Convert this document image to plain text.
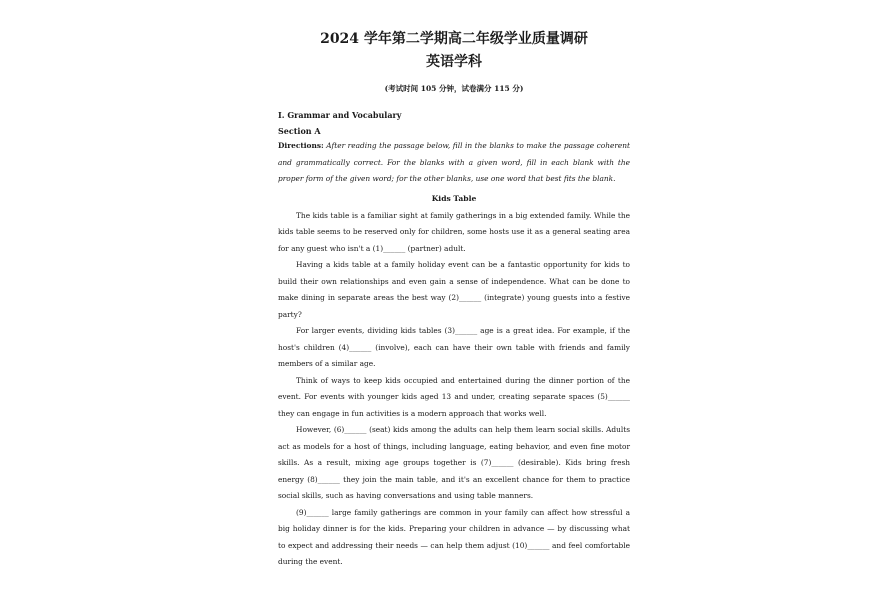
2024 学年第二学期高二年级学业质量调研

英语学科

(考试时间 105 分钟，试卷满分 115 分)

I. Grammar and Vocabulary

Section A

Directions: After reading the passage below, fill in the blanks to make the passage coherent and grammatically correct. For the blanks with a given word, fill in each blank with the proper form of the given word; for the other blanks, use one word that best fits the blank.

Kids Table

The kids table is a familiar sight at family gatherings in a big extended family. While the kids table seems to be reserved only for children, some hosts use it as a general seating area for any guest who isn't a (1)______ (partner) adult.

Having a kids table at a family holiday event can be a fantastic opportunity for kids to build their own relationships and even gain a sense of independence. What can be done to make dining in separate areas the best way (2)______ (integrate) young guests into a festive party?

For larger events, dividing kids tables (3)______ age is a great idea. For example, if the host's children (4)______ (involve), each can have their own table with friends and family members of a similar age.

Think of ways to keep kids occupied and entertained during the dinner portion of the event. For events with younger kids aged 13 and under, creating separate spaces (5)______ they can engage in fun activities is a modern approach that works well.

However, (6)______ (seat) kids among the adults can help them learn social skills. Adults act as models for a host of things, including language, eating behavior, and even fine motor skills. As a result, mixing age groups together is (7)______ (desirable). Kids bring fresh energy (8)______ they join the main table, and it's an excellent chance for them to practice social skills, such as having conversations and using table manners.

(9)______ large family gatherings are common in your family can affect how stressful a big holiday dinner is for the kids. Preparing your children in advance — by discussing what to expect and addressing their needs — can help them adjust (10)______ and feel comfortable during the event.
